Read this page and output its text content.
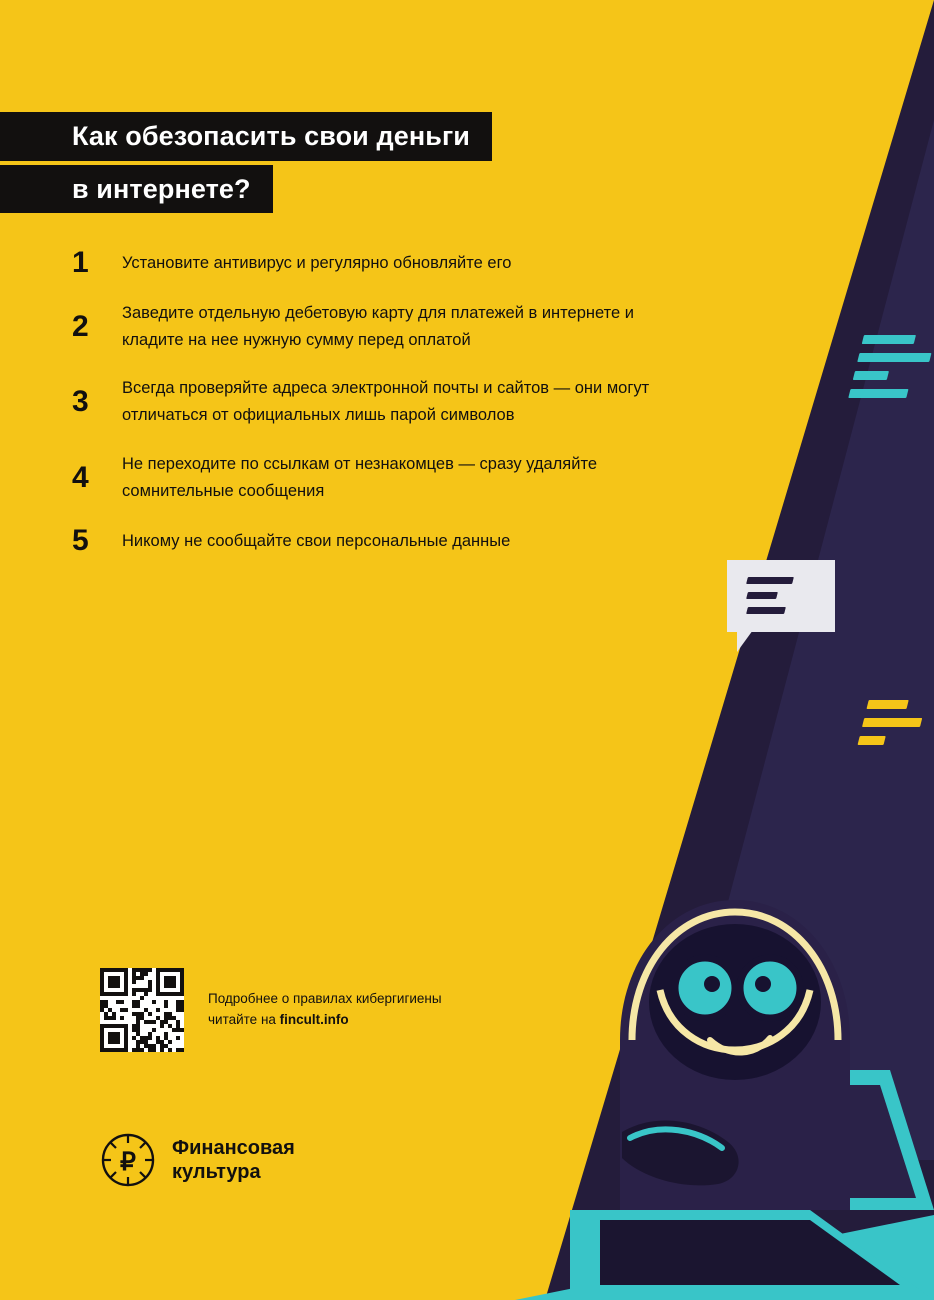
Как обезопасить свои деньги
в интернете?
1	Установите антивирус и регулярно обновляйте его
2	Заведите отдельную дебетовую карту для платежей в интернете и кладите на нее нужную сумму перед оплатой
3	Всегда проверяйте адреса электронной почты и сайтов — они могут отличаться от официальных лишь парой символов
4	Не переходите по ссылкам от незнакомцев — сразу удаляйте сомнительные сообщения
5	Никому не сообщайте свои персональные данные
Подробнее о правилах кибергигиены
читайте на fincult.info
₽
Финансовая
культура
